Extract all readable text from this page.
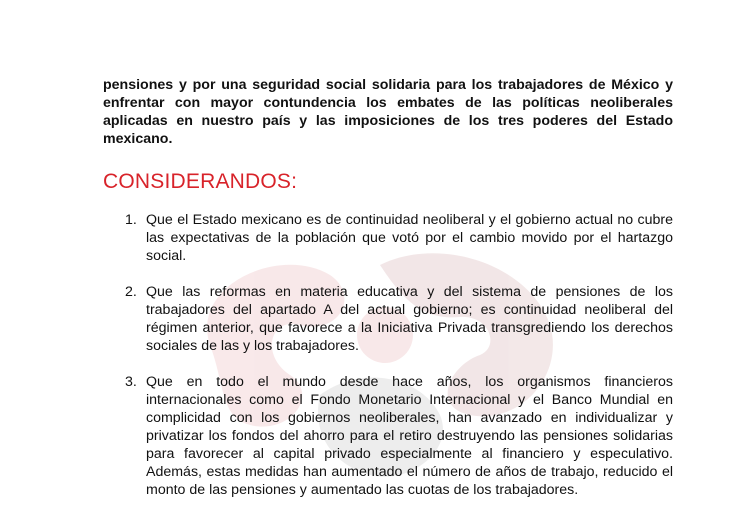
pensiones y por una seguridad social solidaria para los trabajadores de México y enfrentar con mayor contundencia los embates de las políticas neoliberales aplicadas en nuestro país y las imposiciones de los tres poderes del Estado mexicano.

CONSIDERANDOS:
1. Que el Estado mexicano es de continuidad neoliberal y el gobierno actual no cubre las expectativas de la población que votó por el cambio movido por el hartazgo social.
2. Que las reformas en materia educativa y del sistema de pensiones de los trabajadores del apartado A del actual gobierno; es continuidad neoliberal del régimen anterior, que favorece a la Iniciativa Privada transgrediendo los derechos sociales de las y los trabajadores.
3. Que en todo el mundo desde hace años, los organismos financieros internacionales como el Fondo Monetario Internacional y el Banco Mundial en complicidad con los gobiernos neoliberales, han avanzado en individualizar y privatizar los fondos del ahorro para el retiro destruyendo las pensiones solidarias para favorecer al capital privado especialmente al financiero y especulativo. Además, estas medidas han aumentado el número de años de trabajo, reducido el monto de las pensiones y aumentado las cuotas de los trabajadores.
